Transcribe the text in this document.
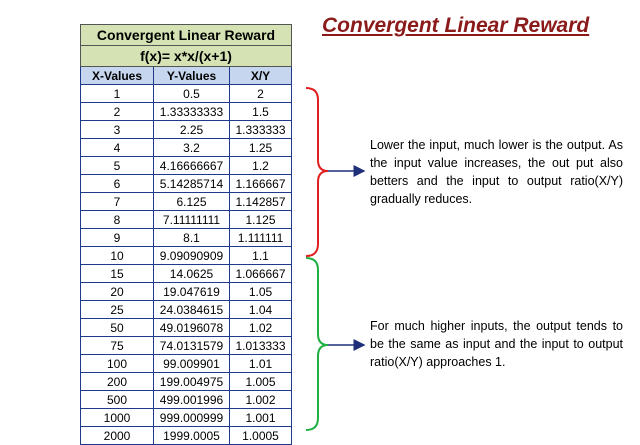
Convergent Linear Reward
Convergent Linear Reward		
f(x)= x*x/(x+1)		
X-Values	Y-Values	X/Y
1	0.5	2
2	1.33333333	1.5
3	2.25	1.333333
4	3.2	1.25
5	4.16666667	1.2
6	5.14285714	1.166667
7	6.125	1.142857
8	7.11111111	1.125
9	8.1	1.111111
10	9.09090909	1.1
15	14.0625	1.066667
20	19.047619	1.05
25	24.0384615	1.04
50	49.0196078	1.02
75	74.0131579	1.013333
100	99.009901	1.01
200	199.004975	1.005
500	499.001996	1.002
1000	999.000999	1.001
2000	1999.0005	1.0005
Lower the input, much lower is the output. As the input value increases, the out put also betters and the input to output ratio(X/Y) gradually reduces.
For much higher inputs, the output tends to be the same as input and the input to output ratio(X/Y) approaches 1.
